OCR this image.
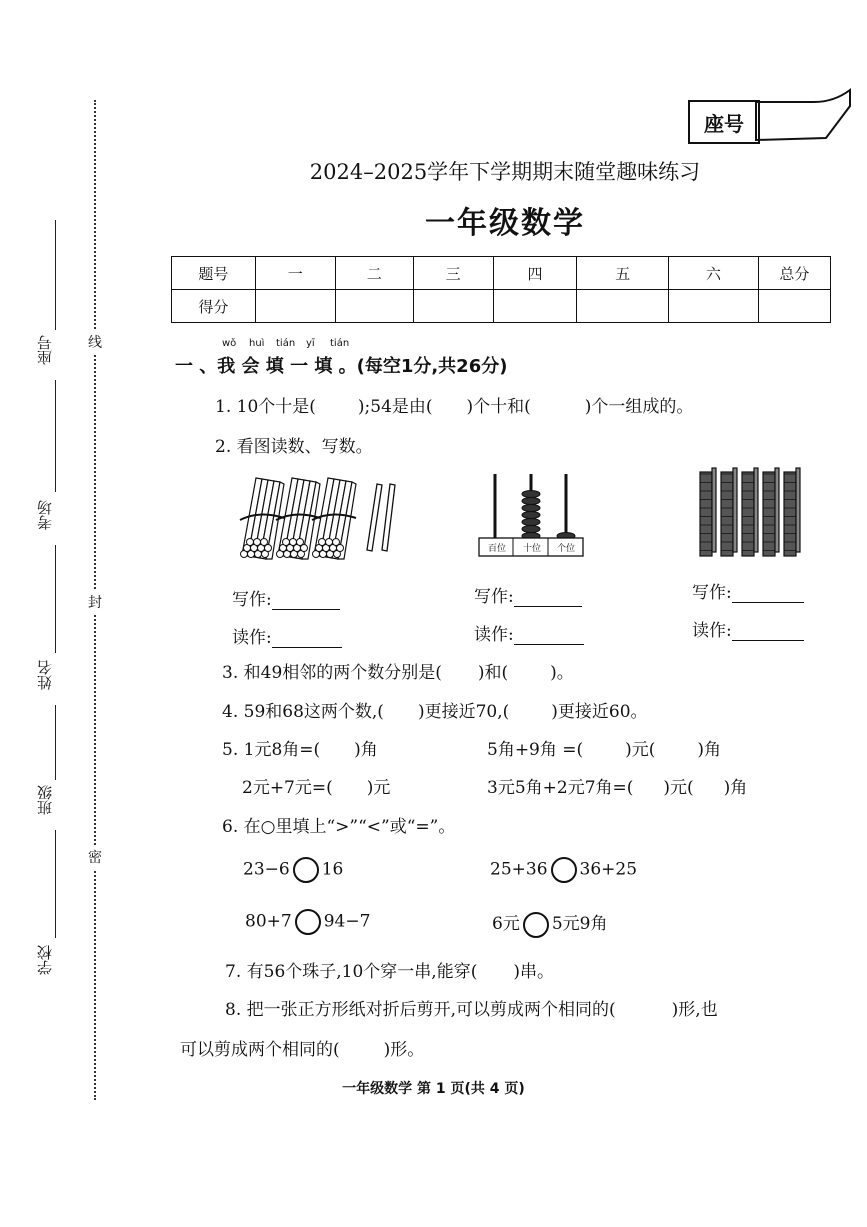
座号
考场
姓名
班级
学校
线
封
密
座号
2024–2025学年下学期期末随堂趣味练习
一年级数学
题号	一	二	三	四	五	六	总分
得分							
wǒ huì tián yī tián
一 、我 会 填 一 填 。(每空1分,共26分)
1. 10个十是( );54是由( )个十和(	)个一组成的。
2. 看图读数、写数。
百位	十位	个位
写作:	写作:	写作:
读作:	读作:	读作:
3. 和49相邻的两个数分别是( )和( )。
4. 59和68这两个数,( )更接近70,( )更接近60。
5. 1元8角=( )角	5角+9角 =( )元( )角
2元+7元=( )元	3元5角+2元7角=( )元( )角
6. 在○里填上“>”“<”或“=”。
23−6 16	25+36 36+25
80+7 94−7	6元 5元9角
7. 有56个珠子,10个穿一串,能穿( )串。
8. 把一张正方形纸对折后剪开,可以剪成两个相同的(	)形,也
可以剪成两个相同的(	)形。
一年级数学 第 1 页(共 4 页)
